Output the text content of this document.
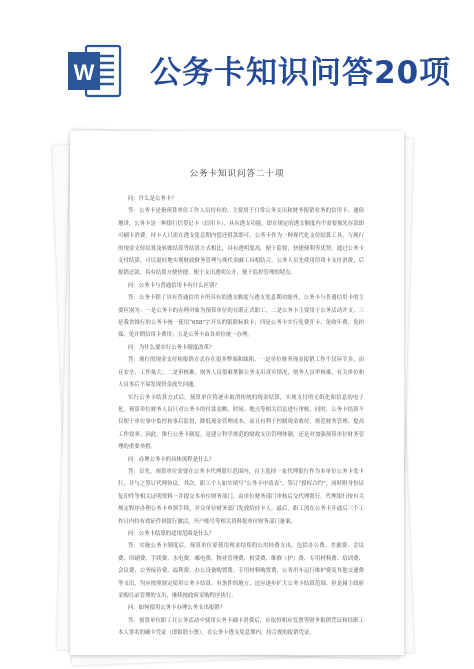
W 公务卡知识问答20项
公务卡知识问答二十项

问：什么是公务卡？

答：公务卡是指预算单位工作人员持有的、主要用于日常公务支出和财务报销业务的信用卡。通俗地讲，公务卡是一种银行信贷记卡（信用卡），具有透支功能，即在规定的透支额度内不需要预先存款即可刷卡消费。持卡人只需在透支免息期内偿还借款即可。公务卡作为一种现代化支付结算工具，与现行的现金支付结算及转账结算等结算方式相比，具有透明度高，便于监督，快捷便利等优势。通过公务卡支付结算，可以更好地实现财政财务管理与现代金融工具相结合。公务人员先使用信用卡支付消费，后报销还款，具有结算方便快捷、便于支出透明公开，便于监控管理的特点。

问：公务卡与普通信用卡有什么区别？

答：公务卡除了具有普通信用卡所具有的透支额度与透支免息期功能外，公务卡与普通信用卡的主要区别为：一是公务卡的办理对象为预算单位的在职正式职工；二是公务卡主要用于公务活动开支；三是我省推行的公务卡统一使用“658”字开头的银联标准卡；四是公务卡实行免费开卡、免收年费、免担保、免开期信用卡费用；五是公务卡由各单位统一办理。

问：为什么要实行公务卡制度改革？

答：现行的现金支付和报销方式存在很多弊端和缺陷，一是单位财务现金报销工作不仅环节多，而且安全、工作量大；二是审核难，财务人员很难掌握公务支出真实情况，财务人员审核难，有关单位和人员事后不易发现资金流失问题。

实行公务卡结算方式后，预算单位将逐步取消传统的现金结算，实现支付的无纸化和信息的电子化。预算单位财务人员只对公务卡的付款金额、时间、地点等相关信息进行审核，同时，公务卡结算不仅便于单位事中监控和事后监督，降低现金管理成本，而且有利于控制现金收付，规范财务管理、提高工作效率。因此，推行公务卡制度，是建立科学规范的财政支出管理体制，还是对加强预算单位财务管理的重要举措。

问：办理公务卡的具体流程是什么？

答：首先，预算单位需要在公务卡代理银行范围内，自主选择一家代理银行作为本单位公务卡发卡行，并与之签订代理协议。其次，职工个人如实填写“公务卡申请表”、签订“授权合约”，同时附身份证复印件等相关证明资料一并提交本单位财务部门，由单位财务部门审核后交代理银行。代理银行按有关规定程序办理公务卡申领手续，并交单位财务部门发放给持卡人。最后，职工需在公务卡开通后三个工作日内持有效证件到银行激活，开户账号等相关资料报单位财务部门备案。

问：公务卡结算的适用范围是什么？

答：实施公务卡制度后，预算单位原使用现金结算的公用经费支出，包括办公费、差旅费、会议费、印刷费、手续费、水电费、邮电费、物业管理费、租赁费、维修（护）费、专用材料费、培训费、会议费、公务接待费、福利费、办公设备购置费、专用材料购置费、公务用车运行维护费及其他交通费等支出，均应按照规定使用公务卡结算。有条件的地方，还应逐步扩大公务卡结算范围。但是属于政府采购目录管理的支出，继续按政府采购程序执行。

问：如何使用公务卡办理公务支出报销？

答：预算单位职工在公务活动中使用公务卡刷卡消费后，应取得相应发票等财务报销凭证和经职工本人签名的刷卡凭证（即银联小票），在公务卡透支免息期内，持合规的报销凭证。
